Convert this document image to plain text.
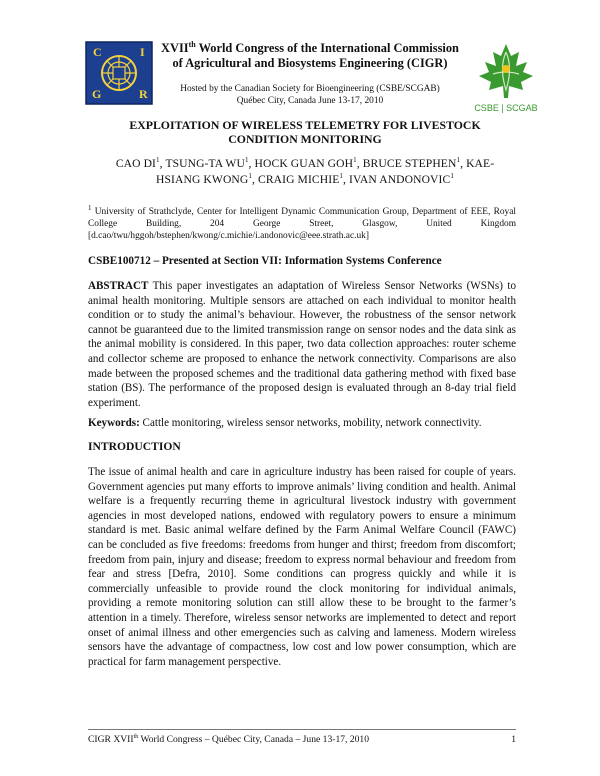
C	I
G	R
XVIIth World Congress of the International Commission
of Agricultural and Biosystems Engineering (CIGR)
Hosted by the Canadian Society for Bioengineering (CSBE/SCGAB)
Québec City, Canada June 13-17, 2010
CSBE | SCGAB
EXPLOITATION OF WIRELESS TELEMETRY FOR LIVESTOCK
CONDITION MONITORING
CAO $DI^1$, TSUNG-TA $WU^1$, HOCK GUAN GOH$^1$, BRUCE STEPHEN$^1$, KAE-
HSIANG KWONG$^1$, CRAIG MICHIE$^1$, IVAN ANDONOVIC$^1$
$^1$ University of Strathclyde, Center for Intelligent Dynamic Communication Group, Department of EEE, Royal College Building, 204 George Street, Glasgow, United Kingdom [d.cao/twu/hggoh/bstephen/kwong/c.michie/i.andonovic@eee.strath.ac.uk]
CSBE100712 – Presented at Section VII: Information Systems Conference
ABSTRACT This paper investigates an adaptation of Wireless Sensor Networks (WSNs) to animal health monitoring. Multiple sensors are attached on each individual to monitor health condition or to study the animal’s behaviour. However, the robustness of the sensor network cannot be guaranteed due to the limited transmission range on sensor nodes and the data sink as the animal mobility is considered. In this paper, two data collection approaches: router scheme and collector scheme are proposed to enhance the network connectivity. Comparisons are also made between the proposed schemes and the traditional data gathering method with fixed base station (BS). The performance of the proposed design is evaluated through an 8-day trial field experiment.
Keywords: Cattle monitoring, wireless sensor networks, mobility, network connectivity.
INTRODUCTION
The issue of animal health and care in agriculture industry has been raised for couple of years. Government agencies put many efforts to improve animals’ living condition and health. Animal welfare is a frequently recurring theme in agricultural livestock industry with government agencies in most developed nations, endowed with regulatory powers to ensure a minimum standard is met. Basic animal welfare defined by the Farm Animal Welfare Council (FAWC) can be concluded as five freedoms: freedoms from hunger and thirst; freedom from discomfort; freedom from pain, injury and disease; freedom to express normal behaviour and freedom from fear and stress [Defra, 2010]. Some conditions can progress quickly and while it is commercially unfeasible to provide round the clock monitoring for individual animals, providing a remote monitoring solution can still allow these to be brought to the farmer’s attention in a timely. Therefore, wireless sensor networks are implemented to detect and report onset of animal illness and other emergencies such as calving and lameness. Modern wireless sensors have the advantage of compactness, low cost and low power consumption, which are practical for farm management perspective.
CIGR XVIIth World Congress – Québec City, Canada – June 13-17, 2010	1
